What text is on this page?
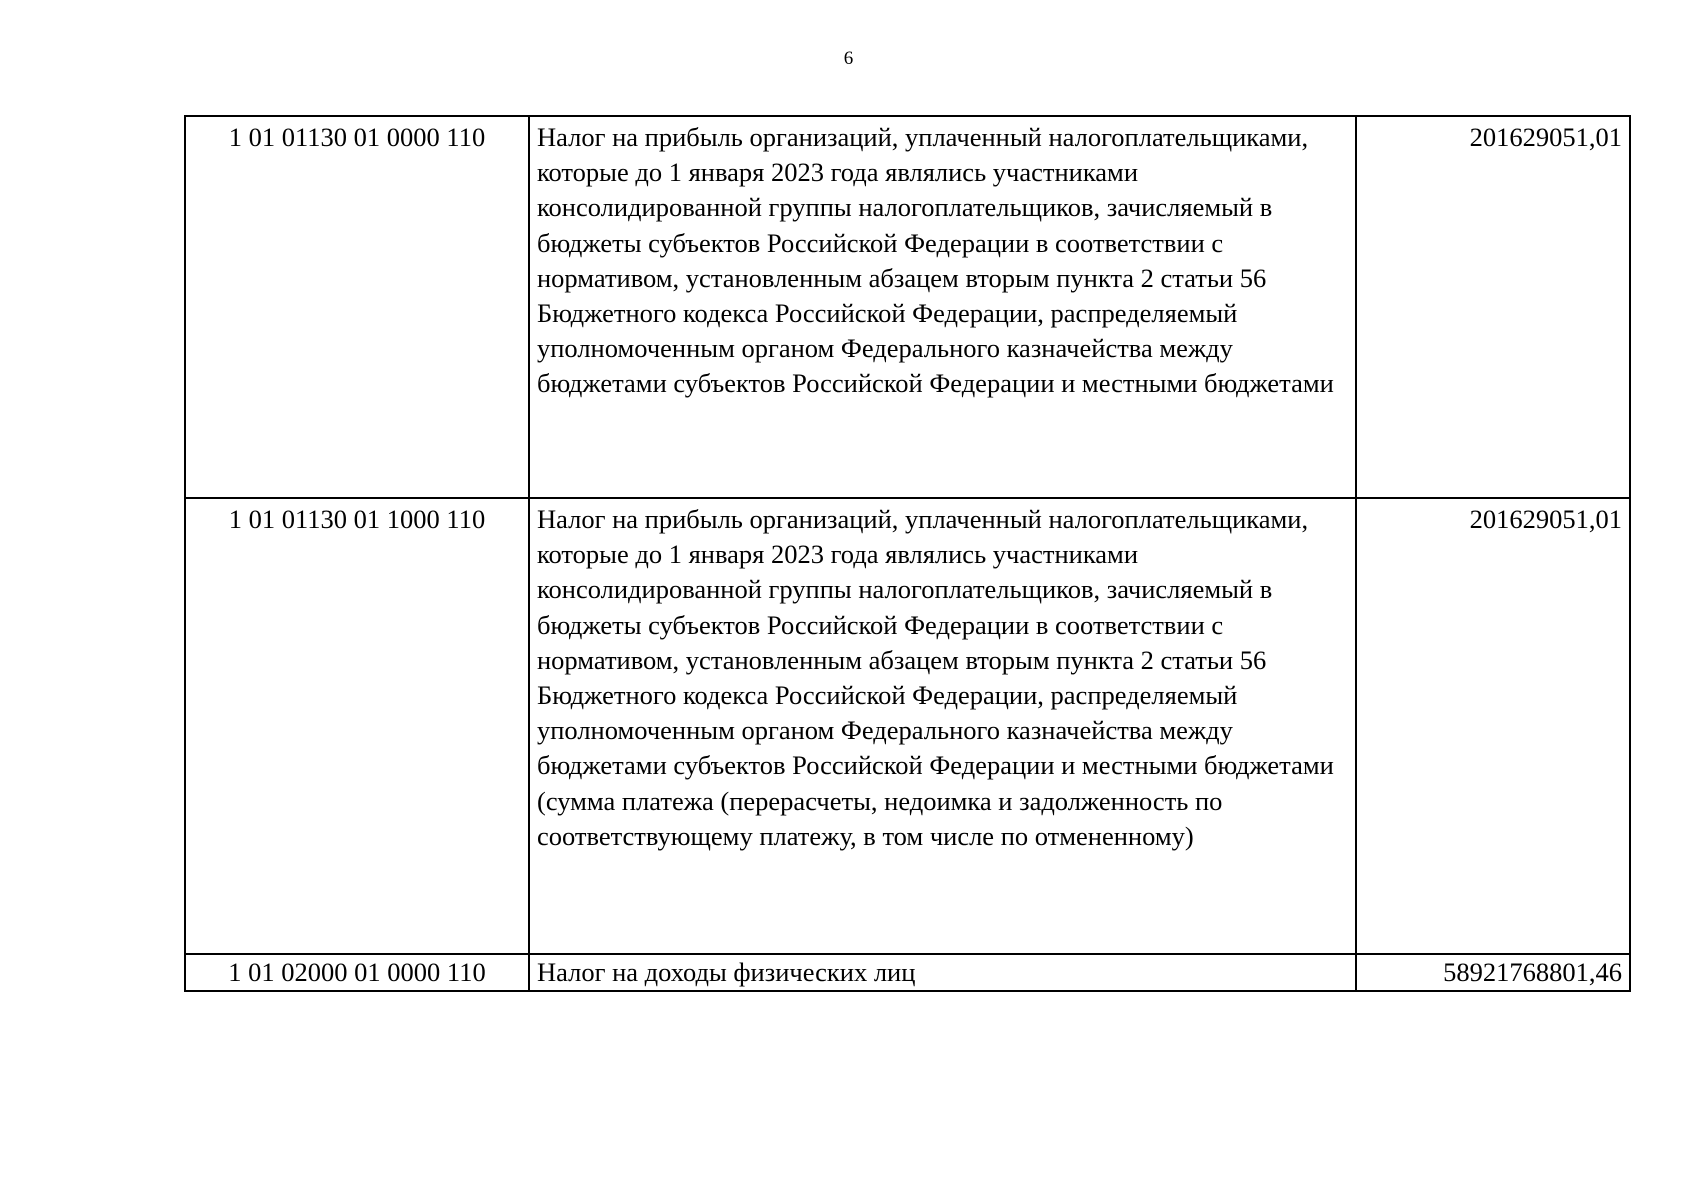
6
1 01 01130 01 0000 110	Налог на прибыль организаций, уплаченный налогоплательщиками, которые до 1 января 2023 года являлись участниками консолидированной группы налогоплательщиков, зачисляемый в бюджеты субъектов Российской Федерации в соответствии с нормативом, установленным абзацем вторым пункта 2 статьи 56 Бюджетного кодекса Российской Федерации, распределяемый уполномоченным органом Федерального казначейства между бюджетами субъектов Российской Федерации и местными бюджетами	201629051,01
1 01 01130 01 1000 110	Налог на прибыль организаций, уплаченный налогоплательщиками, которые до 1 января 2023 года являлись участниками консолидированной группы налогоплательщиков, зачисляемый в бюджеты субъектов Российской Федерации в соответствии с нормативом, установленным абзацем вторым пункта 2 статьи 56 Бюджетного кодекса Российской Федерации, распределяемый уполномоченным органом Федерального казначейства между бюджетами субъектов Российской Федерации и местными бюджетами (сумма платежа (перерасчеты, недоимка и задолженность по соответствующему платежу, в том числе по отмененному)	201629051,01
1 01 02000 01 0000 110	Налог на доходы физических лиц	58921768801,46
